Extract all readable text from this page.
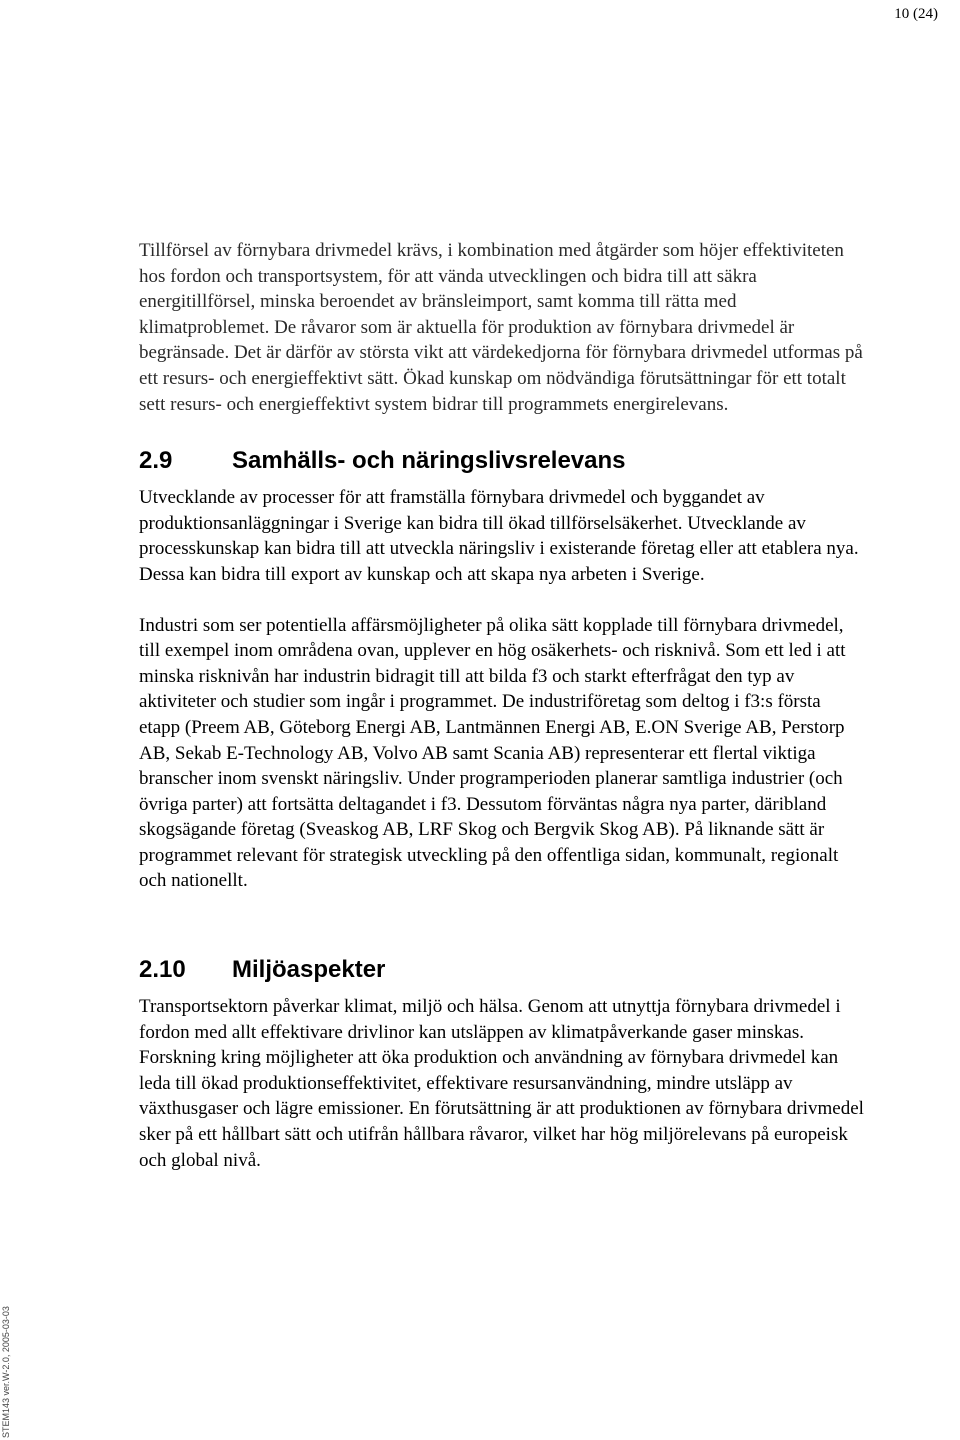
10 (24)

Tillförsel av förnybara drivmedel krävs, i kombination med åtgärder som höjer effektiviteten hos fordon och transportsystem, för att vända utvecklingen och bidra till att säkra energitillförsel, minska beroendet av bränsleimport, samt komma till rätta med klimatproblemet. De råvaror som är aktuella för produktion av förnybara drivmedel är begränsade. Det är därför av största vikt att värdekedjorna för förnybara drivmedel utformas på ett resurs- och energieffektivt sätt. Ökad kunskap om nödvändiga förutsättningar för ett totalt sett resurs- och energieffektivt system bidrar till programmets energirelevans.

2.9	Samhälls- och näringslivsrelevans

Utvecklande av processer för att framställa förnybara drivmedel och byggandet av produktionsanläggningar i Sverige kan bidra till ökad tillförselsäkerhet. Utvecklande av processkunskap kan bidra till att utveckla näringsliv i existerande företag eller att etablera nya. Dessa kan bidra till export av kunskap och att skapa nya arbeten i Sverige.

Industri som ser potentiella affärsmöjligheter på olika sätt kopplade till förnybara drivmedel, till exempel inom områdena ovan, upplever en hög osäkerhets- och risknivå. Som ett led i att minska risknivån har industrin bidragit till att bilda f3 och starkt efterfrågat den typ av aktiviteter och studier som ingår i programmet. De industriföretag som deltog i f3:s första etapp (Preem AB, Göteborg Energi AB, Lantmännen Energi AB, E.ON Sverige AB, Perstorp AB, Sekab E-Technology AB, Volvo AB samt Scania AB) representerar ett flertal viktiga branscher inom svenskt näringsliv. Under programperioden planerar samtliga industrier (och övriga parter) att fortsätta deltagandet i f3. Dessutom förväntas några nya parter, däribland skogsägande företag (Sveaskog AB, LRF Skog och Bergvik Skog AB). På liknande sätt är programmet relevant för strategisk utveckling på den offentliga sidan, kommunalt, regionalt och nationellt.

2.10	Miljöaspekter

Transportsektorn påverkar klimat, miljö och hälsa. Genom att utnyttja förnybara drivmedel i fordon med allt effektivare drivlinor kan utsläppen av klimatpåverkande gaser minskas. Forskning kring möjligheter att öka produktion och användning av förnybara drivmedel kan leda till ökad produktionseffektivitet, effektivare resursanvändning, mindre utsläpp av växthusgaser och lägre emissioner. En förutsättning är att produktionen av förnybara drivmedel sker på ett hållbart sätt och utifrån hållbara råvaror, vilket har hög miljörelevans på europeisk och global nivå.

STEM143 ver.W-2.0, 2005-03-03
